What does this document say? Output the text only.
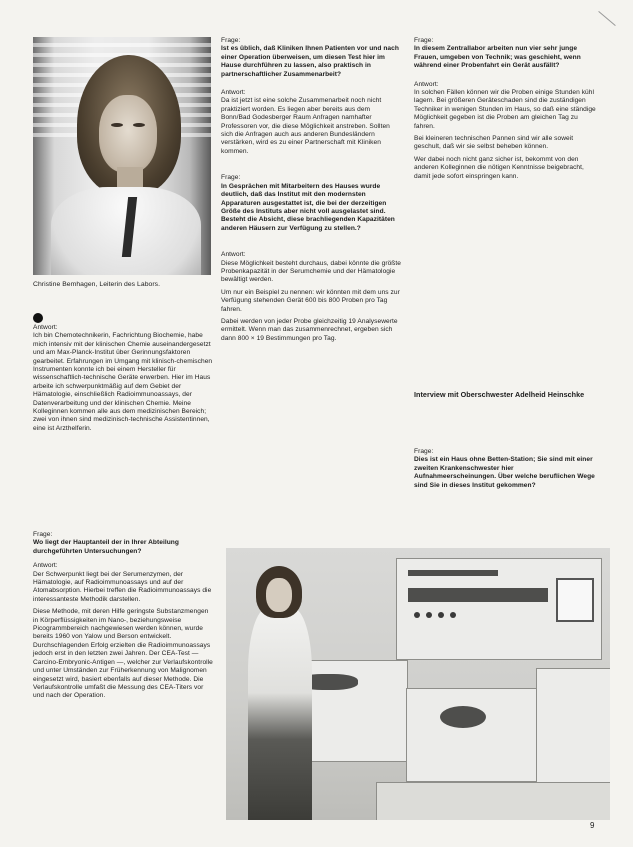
Christine Bemhagen, Leiterin des Labors.
Antwort:

Ich bin Chemotechnikerin, Fachrichtung Biochemie, habe mich intensiv mit der klinischen Chemie auseinandergesetzt und am Max-Planck-Institut über Gerinnungsfaktoren gearbeitet. Erfahrungen im Umgang mit klinisch-chemischen Instrumenten konnte ich bei einem Hersteller für wissenschaftlich-technische Geräte erwerben. Hier im Haus arbeite ich schwerpunktmäßig auf dem Gebiet der Hämatologie, einschließlich Radioimmunoassays, der Datenverarbeitung und der klinischen Chemie. Meine Kolleginnen kommen alle aus dem medizinischen Bereich; zwei von ihnen sind medizinisch-technische Assistentinnen, eine ist Arzthelferin.

Frage:

Wo liegt der Hauptanteil der in Ihrer Abteilung durchgeführten Untersuchungen?

Antwort:

Der Schwerpunkt liegt bei der Serumenzymen, der Hämatologie, auf Radioimmunoassays und auf der Atomabsorption. Hierbei treffen die Radioimmunoassays die interessanteste Methodik darstellen.

Diese Methode, mit deren Hilfe geringste Substanzmengen in Körperflüssigkeiten im Nano-, beziehungsweise Picogrammbereich nachgewiesen werden können, wurde bereits 1960 von Yalow und Berson entwickelt. Durchschlagenden Erfolg erzielten die Radioimmunoassays jedoch erst in den letzten zwei Jahren. Der CEA-Test — Carcino-Embryonic-Antigen —, welcher zur Verlaufskontrolle und unter Umständen zur Früherkennung von Malignomen eingesetzt wird, basiert ebenfalls auf dieser Methode. Die Verlaufskontrolle umfaßt die Messung des CEA-Titers vor und nach der Operation.

Frage:

Ist es üblich, daß Kliniken Ihnen Patienten vor und nach einer Operation überweisen, um diesen Test hier im Hause durchführen zu lassen, also praktisch in partnerschaftlicher Zusammenarbeit?

Antwort:

Da ist jetzt ist eine solche Zusammenarbeit noch nicht praktiziert worden. Es liegen aber bereits aus dem Bonn/Bad Godesberger Raum Anfragen namhafter Professoren vor, die diese Möglichkeit anstreben. Sollten sich die Anfragen auch aus anderen Bundesländern verstärken, wird es zu einer Partnerschaft mit Kliniken kommen.

Frage:

In Gesprächen mit Mitarbeitern des Hauses wurde deutlich, daß das Institut mit den modernsten Apparaturen ausgestattet ist, die bei der derzeitigen Größe des Instituts aber nicht voll ausgelastet sind. Besteht die Absicht, diese brachliegenden Kapazitäten anderen Häusern zur Verfügung zu stellen.?

Antwort:

Diese Möglichkeit besteht durchaus, dabei könnte die größte Probenkapazität in der Serumchemie und der Hämatologie bewältigt werden.

Um nur ein Beispiel zu nennen: wir könnten mit dem uns zur Verfügung stehenden Gerät 600 bis 800 Proben pro Tag fahren.

Dabei werden von jeder Probe gleichzeitig 19 Analysewerte ermittelt. Wenn man das zusammenrechnet, ergeben sich dann 800 × 19 Bestimmungen pro Tag.

Frage:

In diesem Zentrallabor arbeiten nun vier sehr junge Frauen, umgeben von Technik; was geschieht, wenn während einer Probenfahrt ein Gerät ausfällt?

Antwort:

In solchen Fällen können wir die Proben einige Stunden kühl lagern. Bei größeren Geräteschaden sind die zuständigen Techniker in wenigen Stunden im Haus, so daß eine ständige Möglichkeit gegeben ist die Proben am gleichen Tag zu fahren.

Bei kleineren technischen Pannen sind wir alle soweit geschult, daß wir sie selbst beheben können.

Wer dabei noch nicht ganz sicher ist, bekommt von den anderen Kolleginnen die nötigen Kenntnisse beigebracht, damit jede sofort einspringen kann.

Interview mit Oberschwester Adelheid Heinschke
Frage:

Dies ist ein Haus ohne Betten-Station; Sie sind mit einer zweiten Krankenschwester hier Aufnahmeerscheinungen. Über welche beruflichen Wege sind Sie in dieses Institut gekommen?

9
